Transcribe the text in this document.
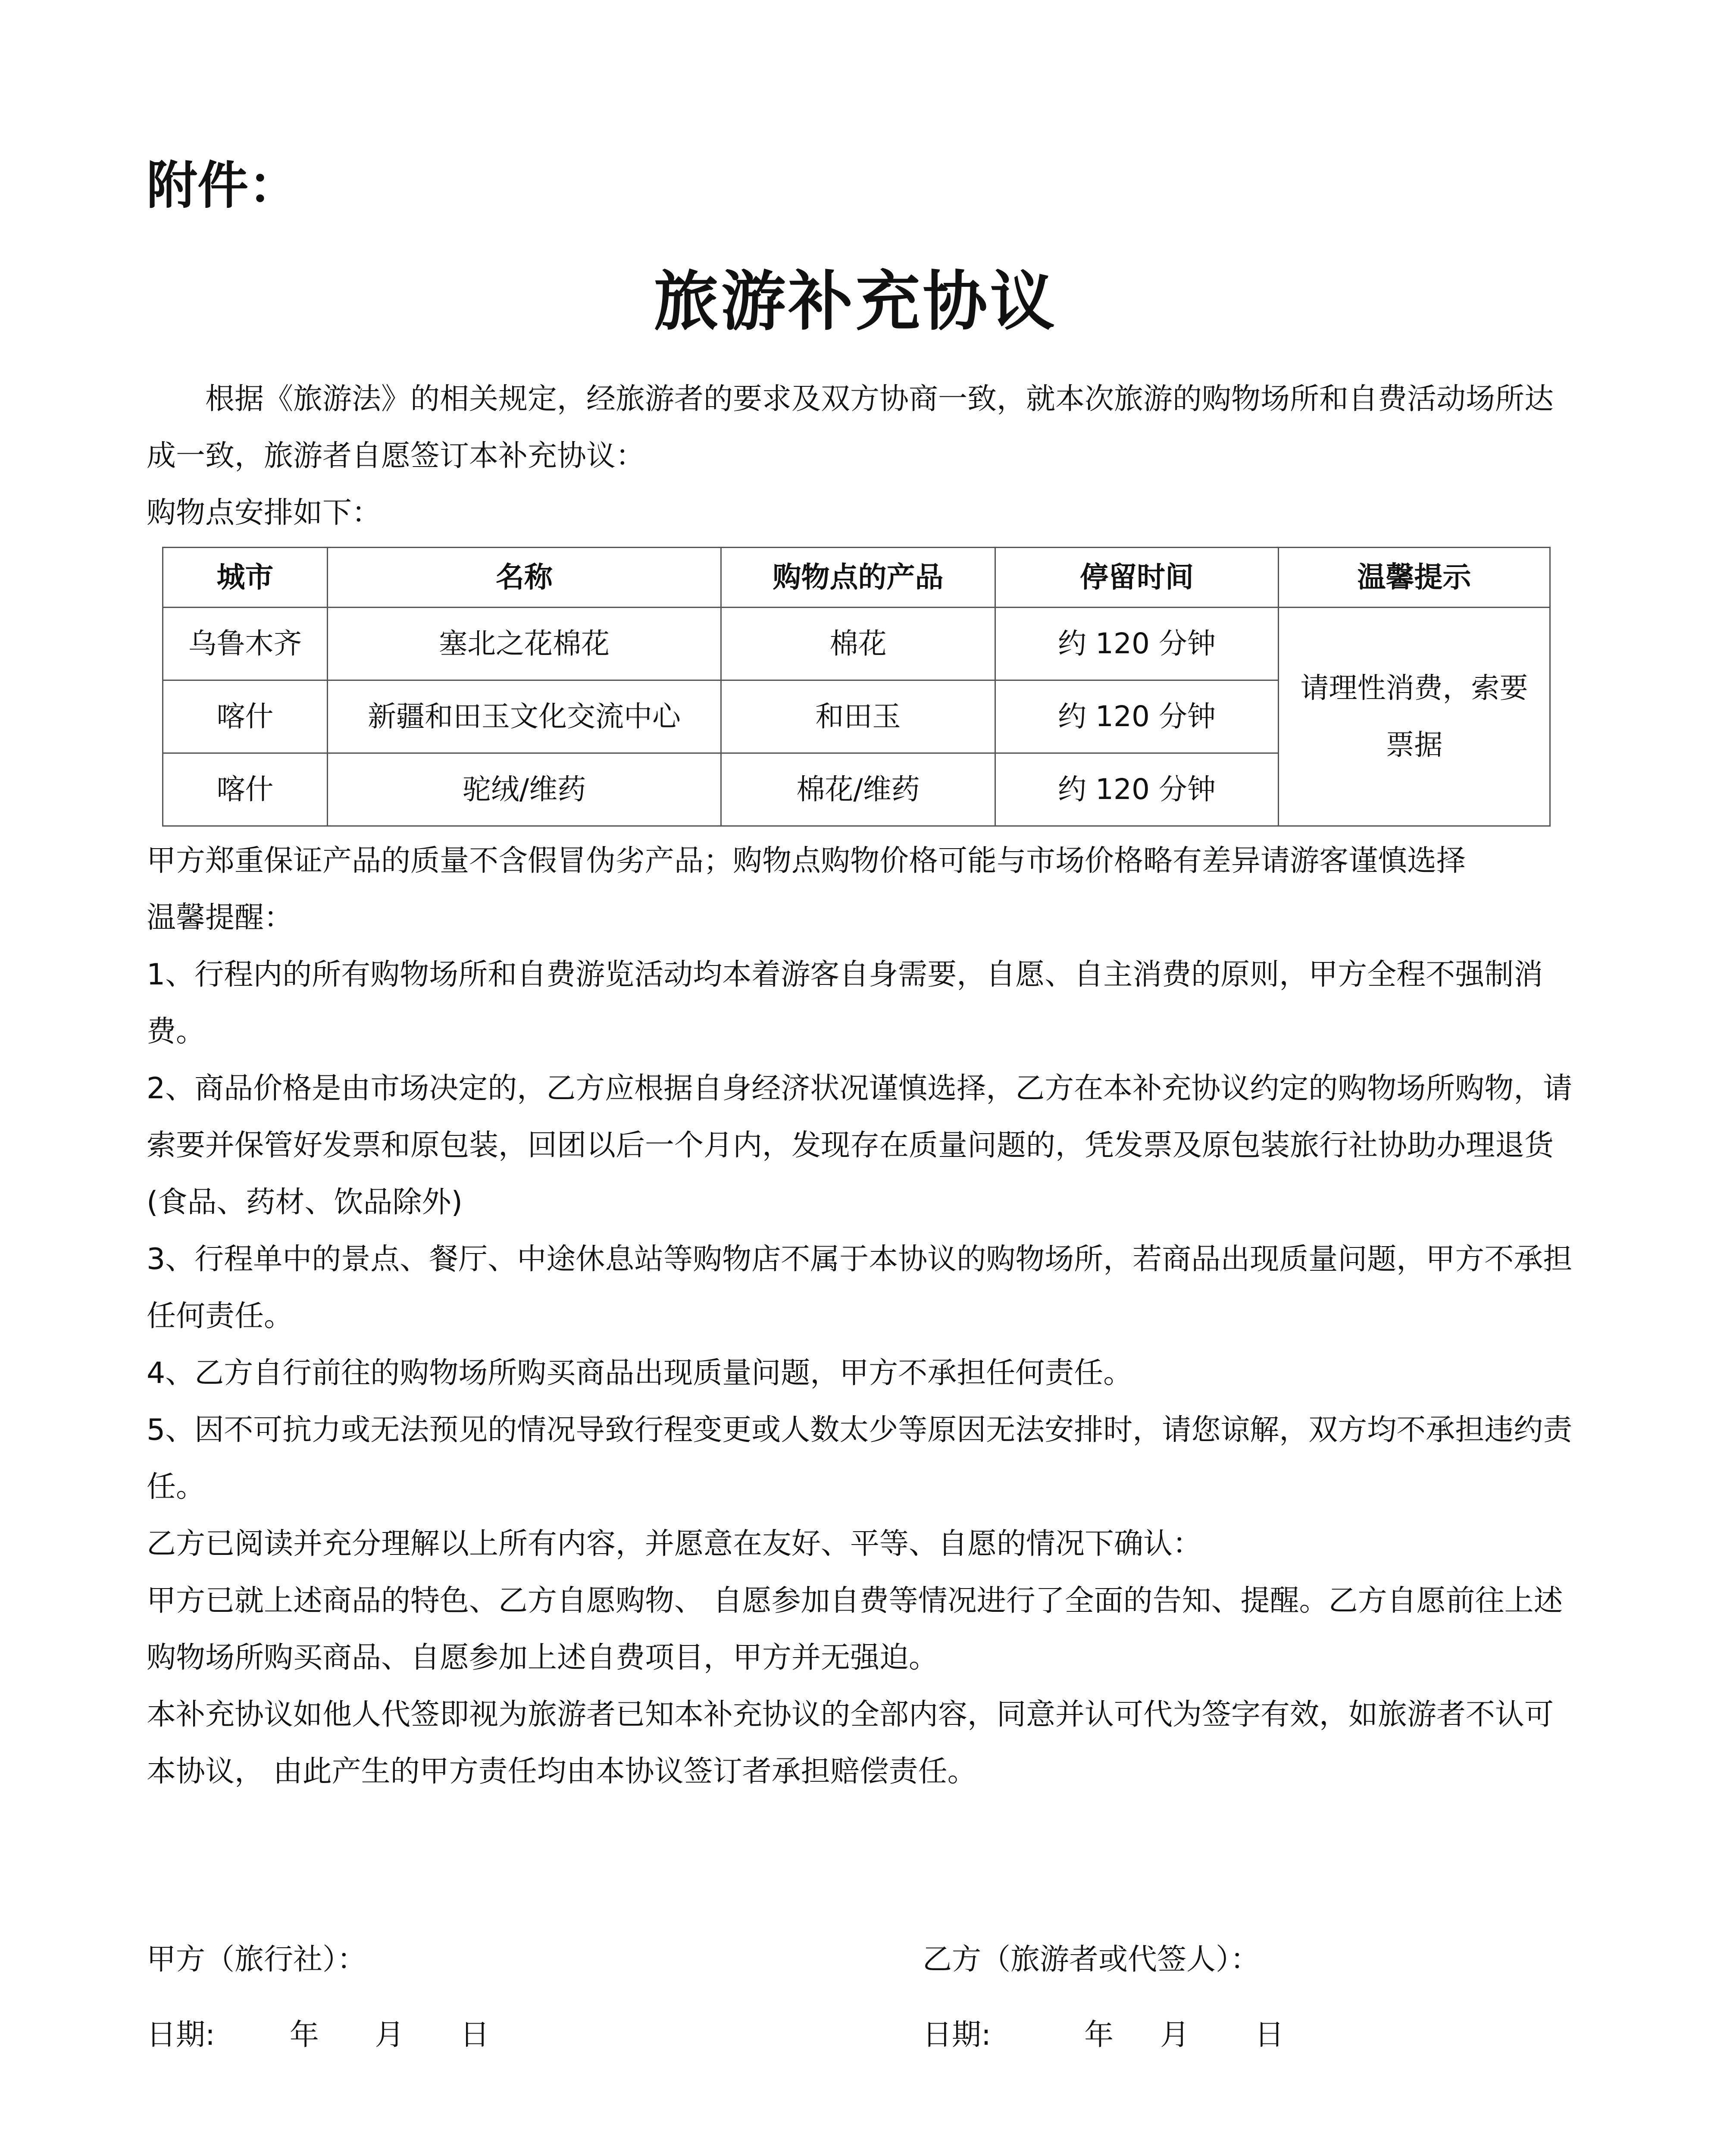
附件：
旅游补充协议

根据《旅游法》的相关规定，经旅游者的要求及双方协商一致，就本次旅游的购物场所和自费活动场所达成一致，旅游者自愿签订本补充协议：

购物点安排如下：

城市	名称	购物点的产品	停留时间	温馨提示
乌鲁木齐	塞北之花棉花	棉花	约 120 分钟	请理性消费，索要票据
喀什	新疆和田玉文化交流中心	和田玉	约 120 分钟	
喀什	驼绒/维药	棉花/维药	约 120 分钟	

甲方郑重保证产品的质量不含假冒伪劣产品；购物点购物价格可能与市场价格略有差异请游客谨慎选择

温馨提醒：

1、行程内的所有购物场所和自费游览活动均本着游客自身需要，自愿、自主消费的原则，甲方全程不强制消费。

2、商品价格是由市场决定的，乙方应根据自身经济状况谨慎选择，乙方在本补充协议约定的购物场所购物，请索要并保管好发票和原包装，回团以后一个月内，发现存在质量问题的，凭发票及原包装旅行社协助办理退货(食品、药材、饮品除外)

3、行程单中的景点、餐厅、中途休息站等购物店不属于本协议的购物场所，若商品出现质量问题，甲方不承担任何责任。

4、乙方自行前往的购物场所购买商品出现质量问题，甲方不承担任何责任。

5、因不可抗力或无法预见的情况导致行程变更或人数太少等原因无法安排时，请您谅解，双方均不承担违约责任。

乙方已阅读并充分理解以上所有内容，并愿意在友好、平等、自愿的情况下确认：

甲方已就上述商品的特色、乙方自愿购物、 自愿参加自费等情况进行了全面的告知、提醒。乙方自愿前往上述购物场所购买商品、自愿参加上述自费项目，甲方并无强迫。

本补充协议如他人代签即视为旅游者已知本补充协议的全部内容，同意并认可代为签字有效，如旅游者不认可本协议， 由此产生的甲方责任均由本协议签订者承担赔偿责任。

甲方（旅行社）：	乙方（旅游者或代签人）：
日期:        年      月      日	日期:          年     月       日
